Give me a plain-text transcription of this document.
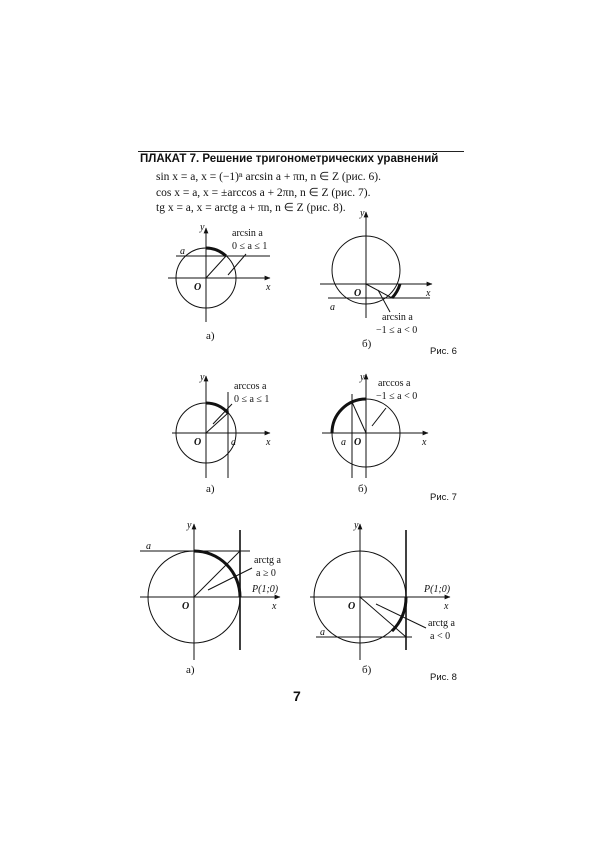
ПЛАКАТ 7. Решение тригонометрических уравнений
sin x = a, x = (−1)ⁿ arcsin a + πn, n ∈ Z (рис. 6).
cos x = a, x = ±arccos a + 2πn, n ∈ Z (рис. 7).
tg x = a, x = arctg a + πn, n ∈ Z (рис. 8).
y
x
O
a
arcsin a
0 ≤ a ≤ 1
y
x
O
a
arcsin a
−1 ≤ a < 0
y
x
O	a
arccos a
0 ≤ a ≤ 1
y
x
O
a
arccos a
−1 ≤ a < 0
y
x
O
a
arctg a
a ≥ 0
P(1;0)
y
x
O
a
P(1;0)
arctg a
a < 0
а)
б)
Рис. 6
а)	б)
Рис. 7
а)	б)
Рис. 8
7
